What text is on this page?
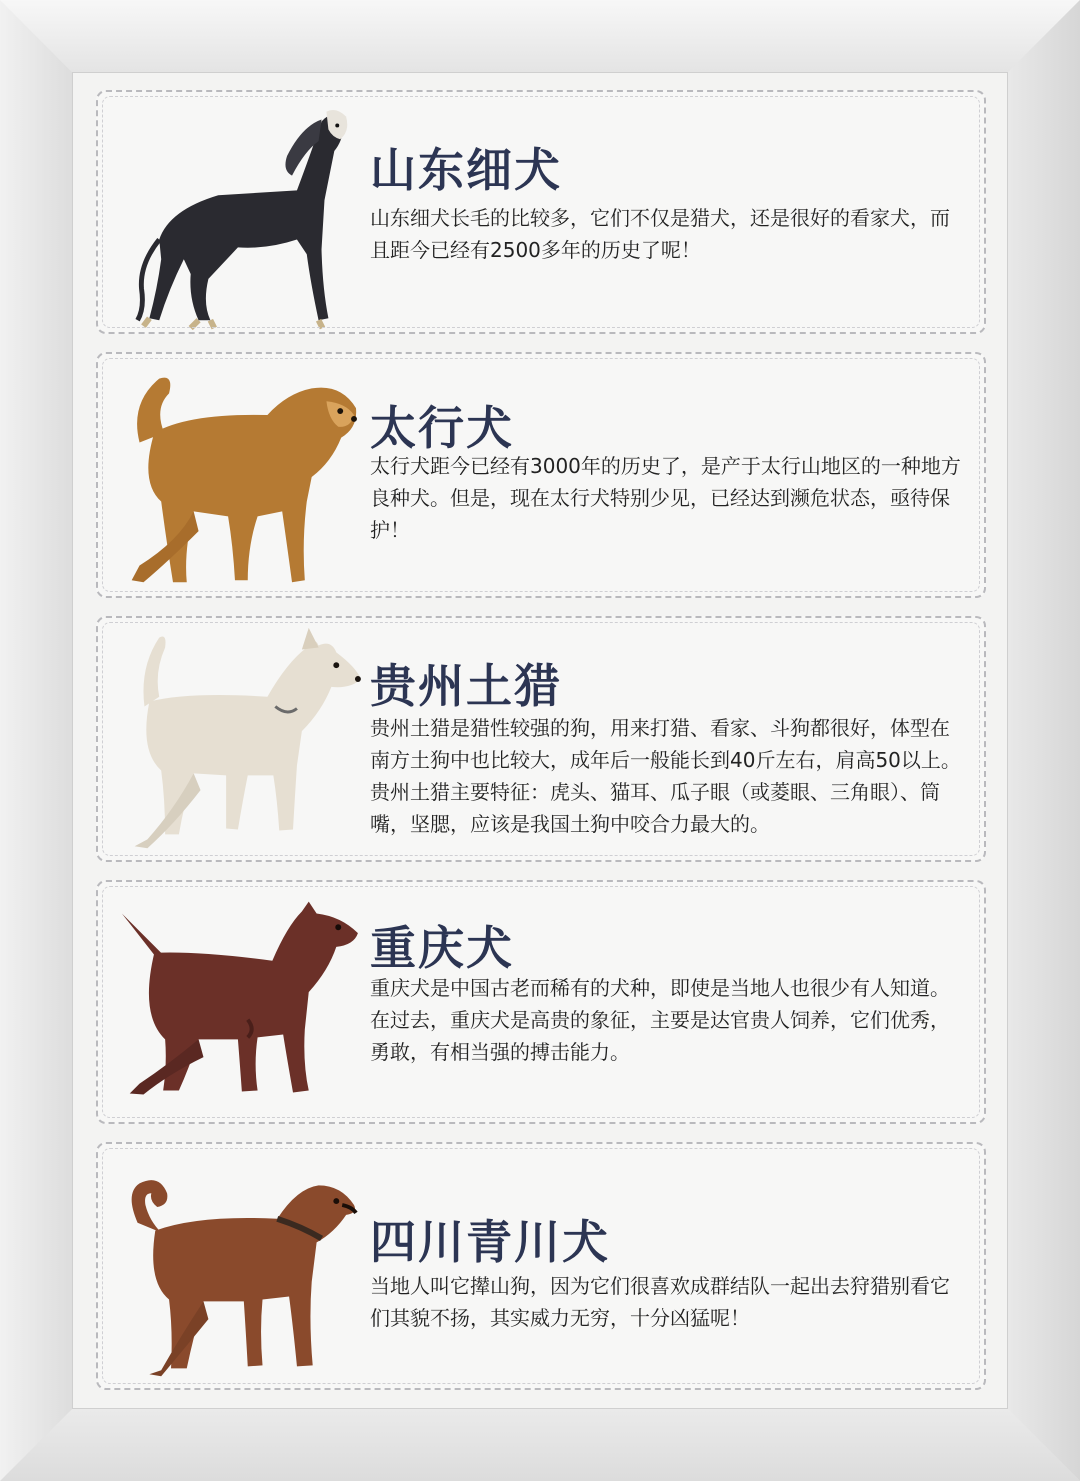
山东细犬

山东细犬长毛的比较多，它们不仅是猎犬，还是很好的看家犬，而且距今已经有2500多年的历史了呢！

太行犬

太行犬距今已经有3000年的历史了，是产于太行山地区的一种地方良种犬。但是，现在太行犬特别少见，已经达到濒危状态，亟待保护！

贵州土猎

贵州土猎是猎性较强的狗，用来打猎、看家、斗狗都很好，体型在南方土狗中也比较大，成年后一般能长到40斤左右，肩高50以上。 贵州土猎主要特征：虎头、猫耳、瓜子眼（或菱眼、三角眼）、筒嘴，坚腮，应该是我国土狗中咬合力最大的。

重庆犬

重庆犬是中国古老而稀有的犬种，即使是当地人也很少有人知道。

在过去，重庆犬是高贵的象征，主要是达官贵人饲养，它们优秀，勇敢，有相当强的搏击能力。

四川青川犬

当地人叫它撵山狗，因为它们很喜欢成群结队一起出去狩猎别看它们其貌不扬，其实威力无穷，十分凶猛呢！
